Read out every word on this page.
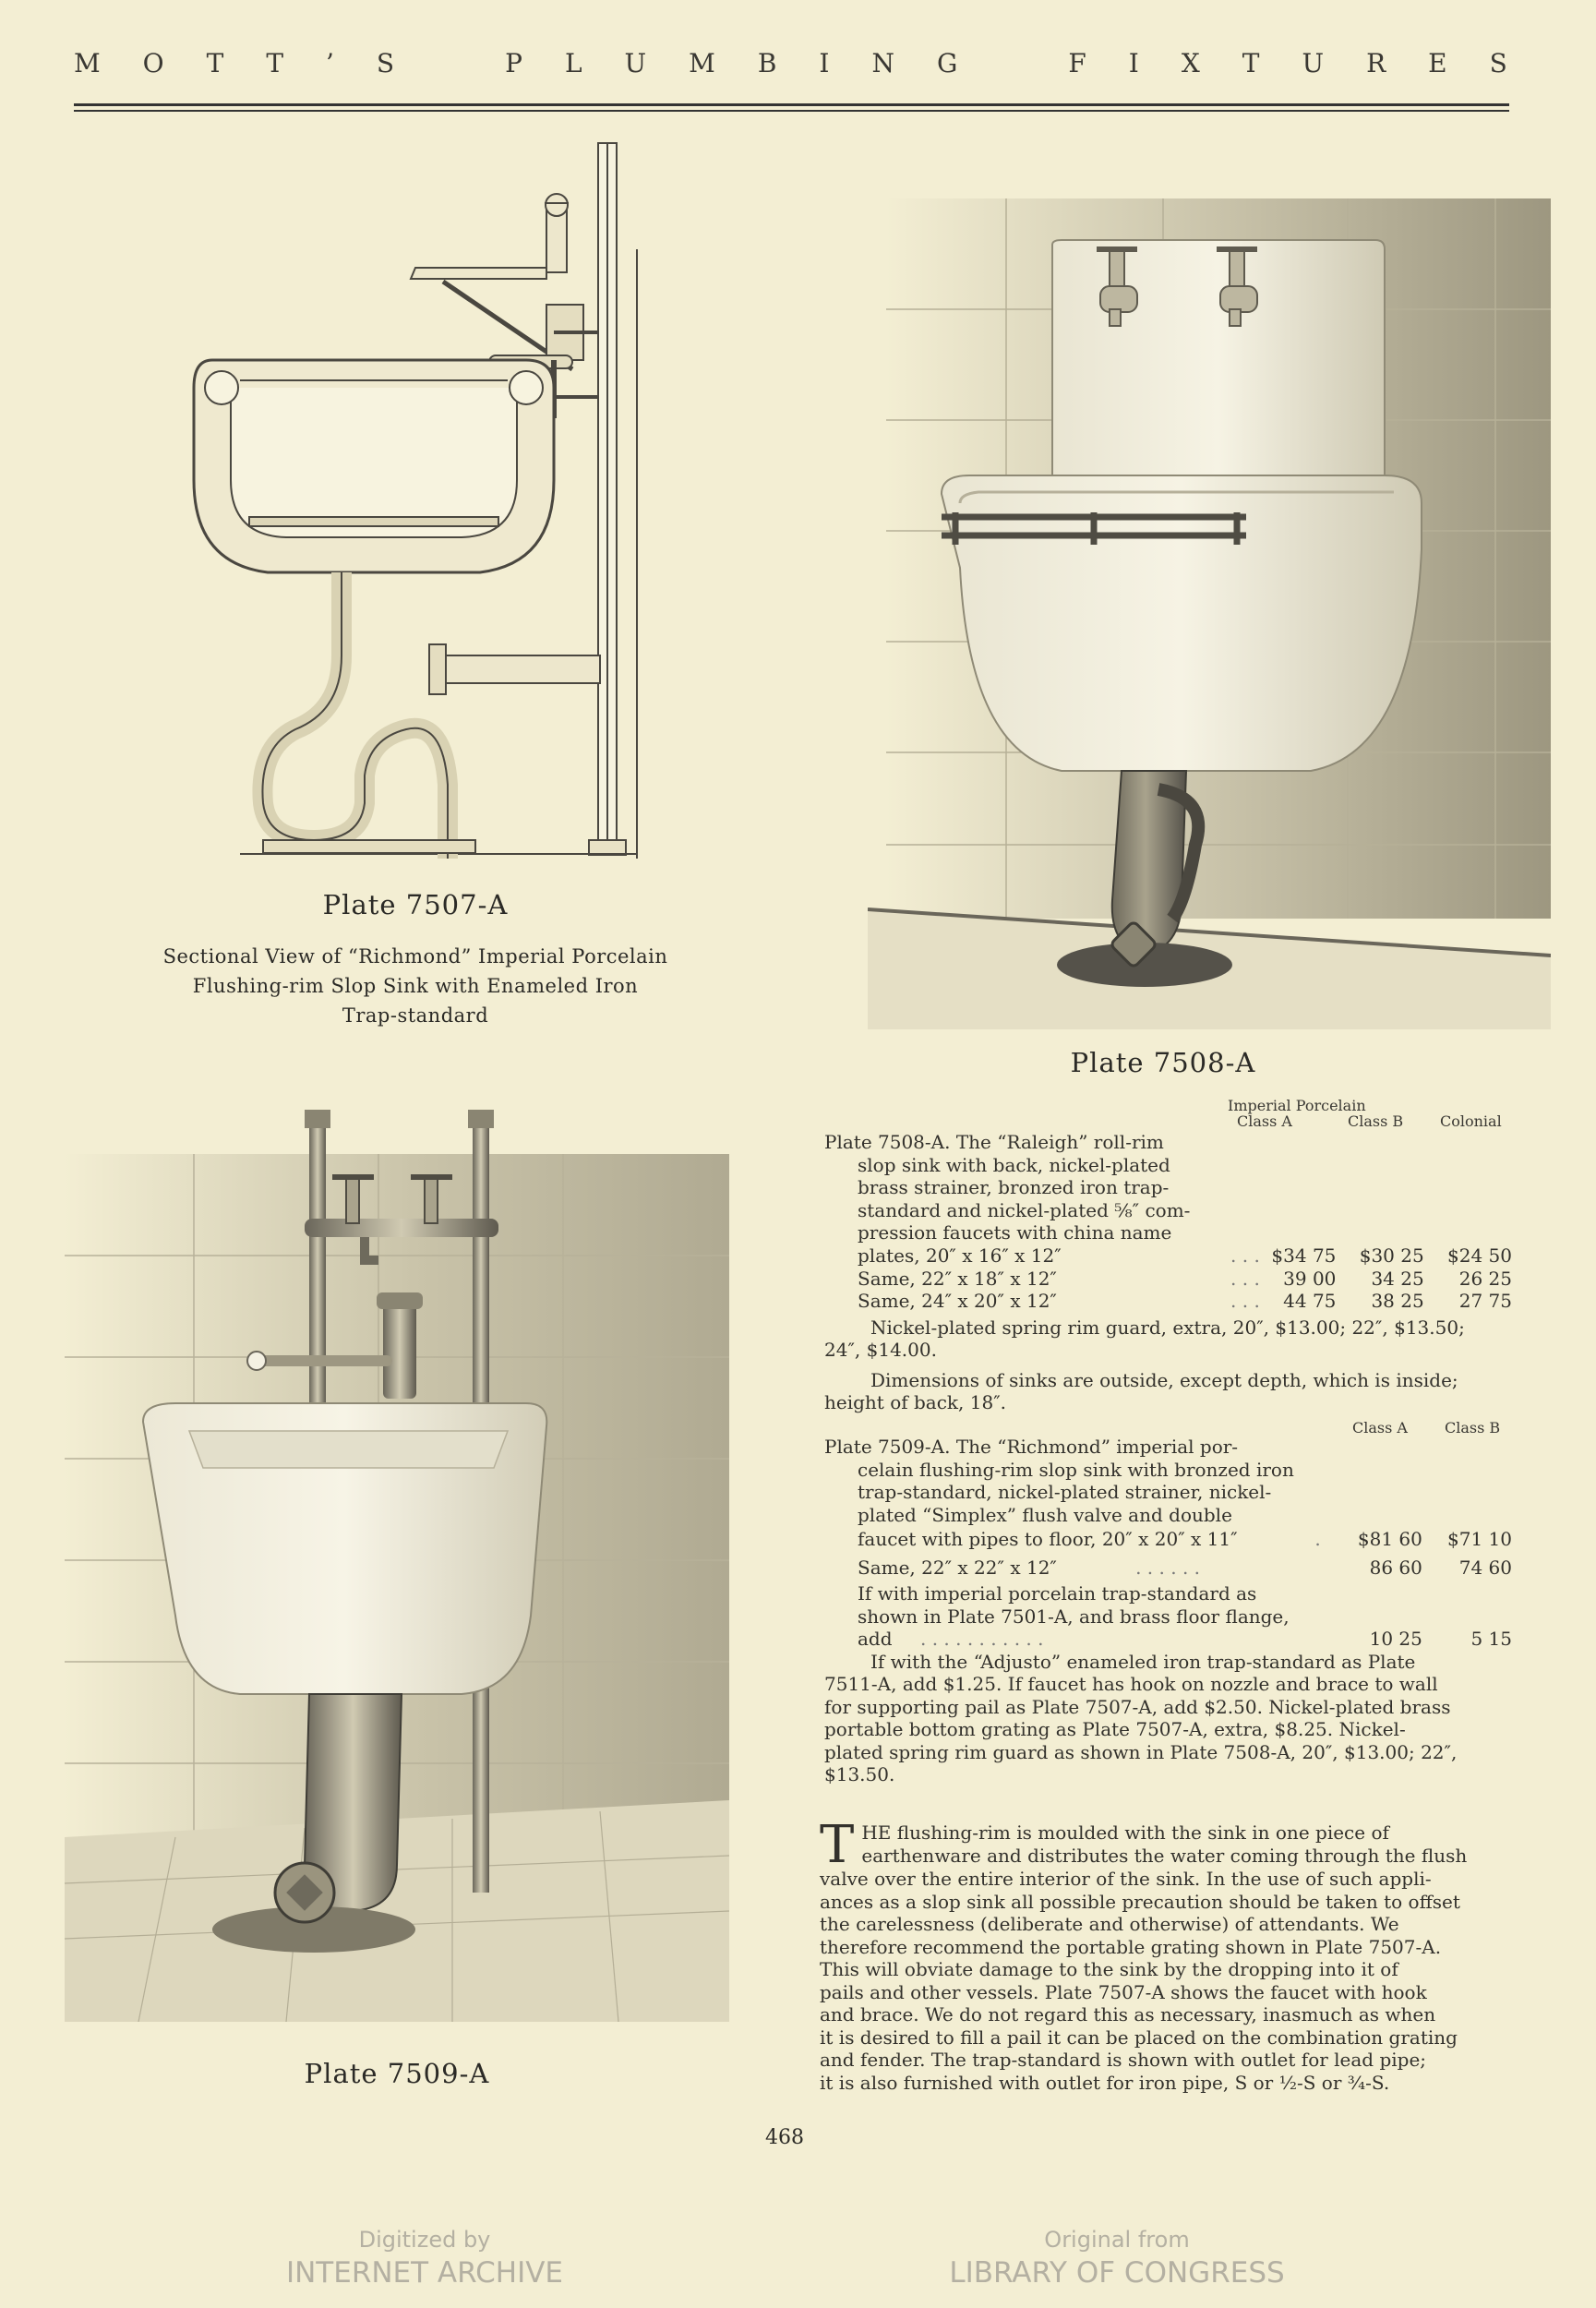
M O T T ’ S	P L U M B I N G	F I X T U R E S
Plate 7507-A
Sectional View of “Richmond” Imperial Porcelain
Flushing-rim Slop Sink with Enameled Iron
Trap-standard
Plate 7508-A
Plate 7509-A
Imperial Porcelain
Class A	Class B	Colonial
Plate 7508-A. The “Raleigh” roll-rim
slop sink with back, nickel-plated
brass strainer, bronzed iron trap-
standard and nickel-plated ⅝″ com-
pression faucets with china name
plates, 20″ x 16″ x 12″	. . . $34 75	$30 25	$24 50
Same, 22″ x 18″ x 12″	. . .	39 00	34 25	26 25
Same, 24″ x 20″ x 12″	. . .	44 75	38 25	27 75
Nickel-plated spring rim guard, extra, 20″, $13.00; 22″, $13.50;
24″, $14.00.
Dimensions of sinks are outside, except depth, which is inside;
height of back, 18″.
Class A	Class B
Plate 7509-A. The “Richmond” imperial por-
celain flushing-rim slop sink with bronzed iron
trap-standard, nickel-plated strainer, nickel-
plated “Simplex” flush valve and double
faucet with pipes to floor, 20″ x 20″ x 11″	.	$81 60	$71 10
Same, 22″ x 22″ x 12″	. . . . . .	86 60	74 60
If with imperial porcelain trap-standard as
shown in Plate 7501-A, and brass floor flange,
add	. . . . . . . . . . .	10 25	5 15
If with the “Adjusto” enameled iron trap-standard as Plate
7511-A, add $1.25. If faucet has hook on nozzle and brace to wall
for supporting pail as Plate 7507-A, add $2.50. Nickel-plated brass
portable bottom grating as Plate 7507-A, extra, $8.25. Nickel-
plated spring rim guard as shown in Plate 7508-A, 20″, $13.00; 22″,
$13.50.
T HE flushing-rim is moulded with the sink in one piece of
earthenware and distributes the water coming through the flush
valve over the entire interior of the sink. In the use of such appli-
ances as a slop sink all possible precaution should be taken to offset
the carelessness (deliberate and otherwise) of attendants. We
therefore recommend the portable grating shown in Plate 7507-A.
This will obviate damage to the sink by the dropping into it of
pails and other vessels. Plate 7507-A shows the faucet with hook
and brace. We do not regard this as necessary, inasmuch as when
it is desired to fill a pail it can be placed on the combination grating
and fender. The trap-standard is shown with outlet for lead pipe;
it is also furnished with outlet for iron pipe, S or ½-S or ¾-S.
468
Digitized by
INTERNET ARCHIVE
Original from
LIBRARY OF CONGRESS
